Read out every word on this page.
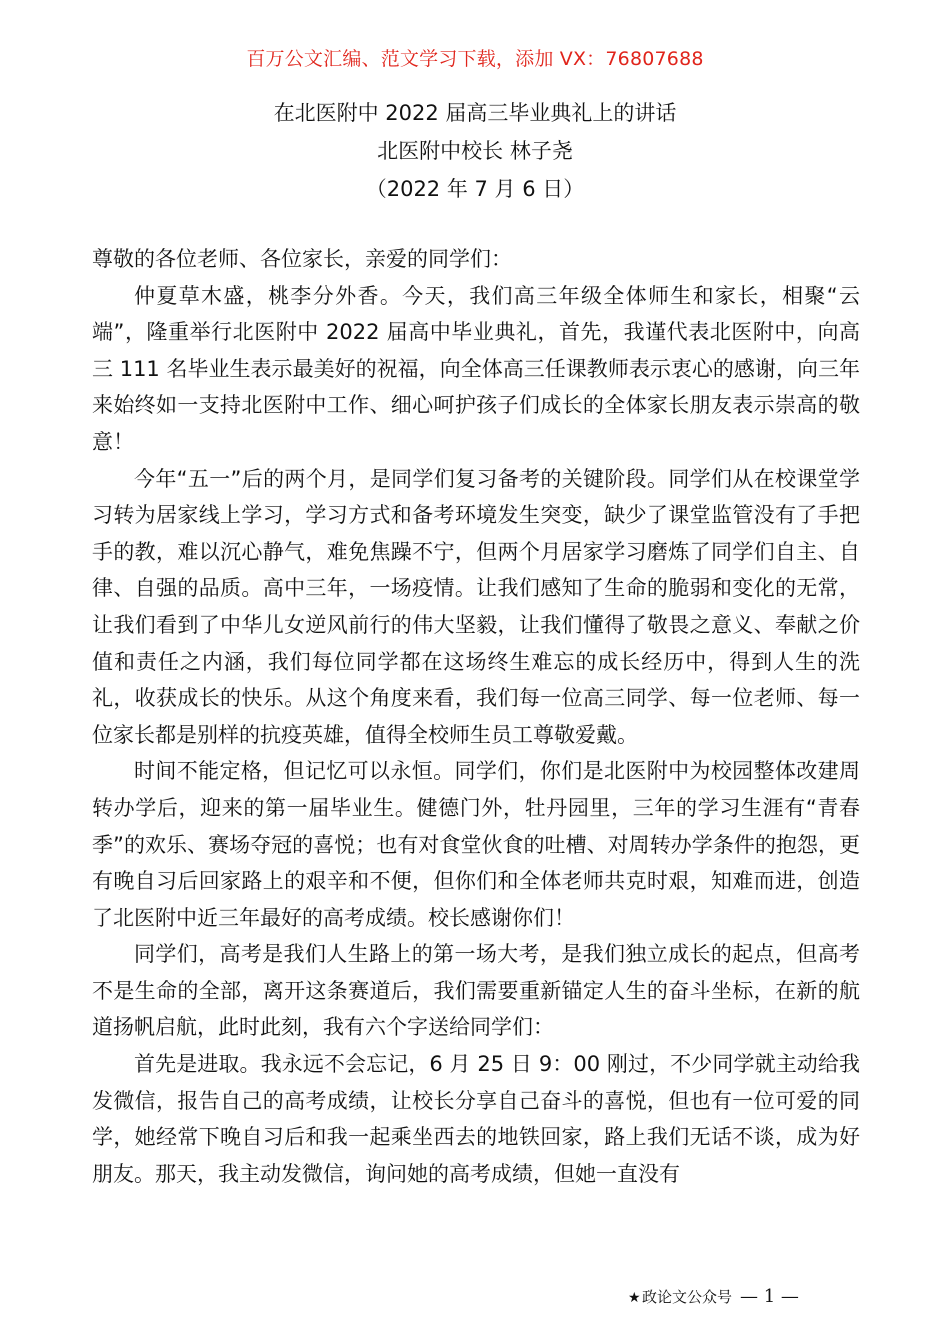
百万公文汇编、范文学习下载，添加 VX：76807688
在北医附中 2022 届高三毕业典礼上的讲话
北医附中校长 林子尧
（2022 年 7 月 6 日）

尊敬的各位老师、各位家长，亲爱的同学们：

仲夏草木盛，桃李分外香。今天，我们高三年级全体师生和家长，相聚“云端”，隆重举行北医附中 2022 届高中毕业典礼，首先，我谨代表北医附中，向高三 111 名毕业生表示最美好的祝福，向全体高三任课教师表示衷心的感谢，向三年来始终如一支持北医附中工作、细心呵护孩子们成长的全体家长朋友表示崇高的敬意！

今年“五一”后的两个月，是同学们复习备考的关键阶段。同学们从在校课堂学习转为居家线上学习，学习方式和备考环境发生突变，缺少了课堂监管没有了手把手的教，难以沉心静气，难免焦躁不宁，但两个月居家学习磨炼了同学们自主、自律、自强的品质。高中三年，一场疫情。让我们感知了生命的脆弱和变化的无常，让我们看到了中华儿女逆风前行的伟大坚毅，让我们懂得了敬畏之意义、奉献之价值和责任之内涵，我们每位同学都在这场终生难忘的成长经历中，得到人生的洗礼，收获成长的快乐。从这个角度来看，我们每一位高三同学、每一位老师、每一位家长都是别样的抗疫英雄，值得全校师生员工尊敬爱戴。

时间不能定格，但记忆可以永恒。同学们，你们是北医附中为校园整体改建周转办学后，迎来的第一届毕业生。健德门外，牡丹园里，三年的学习生涯有“青春季”的欢乐、赛场夺冠的喜悦；也有对食堂伙食的吐槽、对周转办学条件的抱怨，更有晚自习后回家路上的艰辛和不便，但你们和全体老师共克时艰，知难而进，创造了北医附中近三年最好的高考成绩。校长感谢你们！

同学们，高考是我们人生路上的第一场大考，是我们独立成长的起点，但高考不是生命的全部，离开这条赛道后，我们需要重新锚定人生的奋斗坐标，在新的航道扬帆启航，此时此刻，我有六个字送给同学们：

首先是进取。我永远不会忘记，6 月 25 日 9：00 刚过，不少同学就主动给我发微信，报告自己的高考成绩，让校长分享自己奋斗的喜悦，但也有一位可爱的同学，她经常下晚自习后和我一起乘坐西去的地铁回家，路上我们无话不谈，成为好朋友。那天，我主动发微信，询问她的高考成绩，但她一直没有

★政论文公众号 — 1 —
